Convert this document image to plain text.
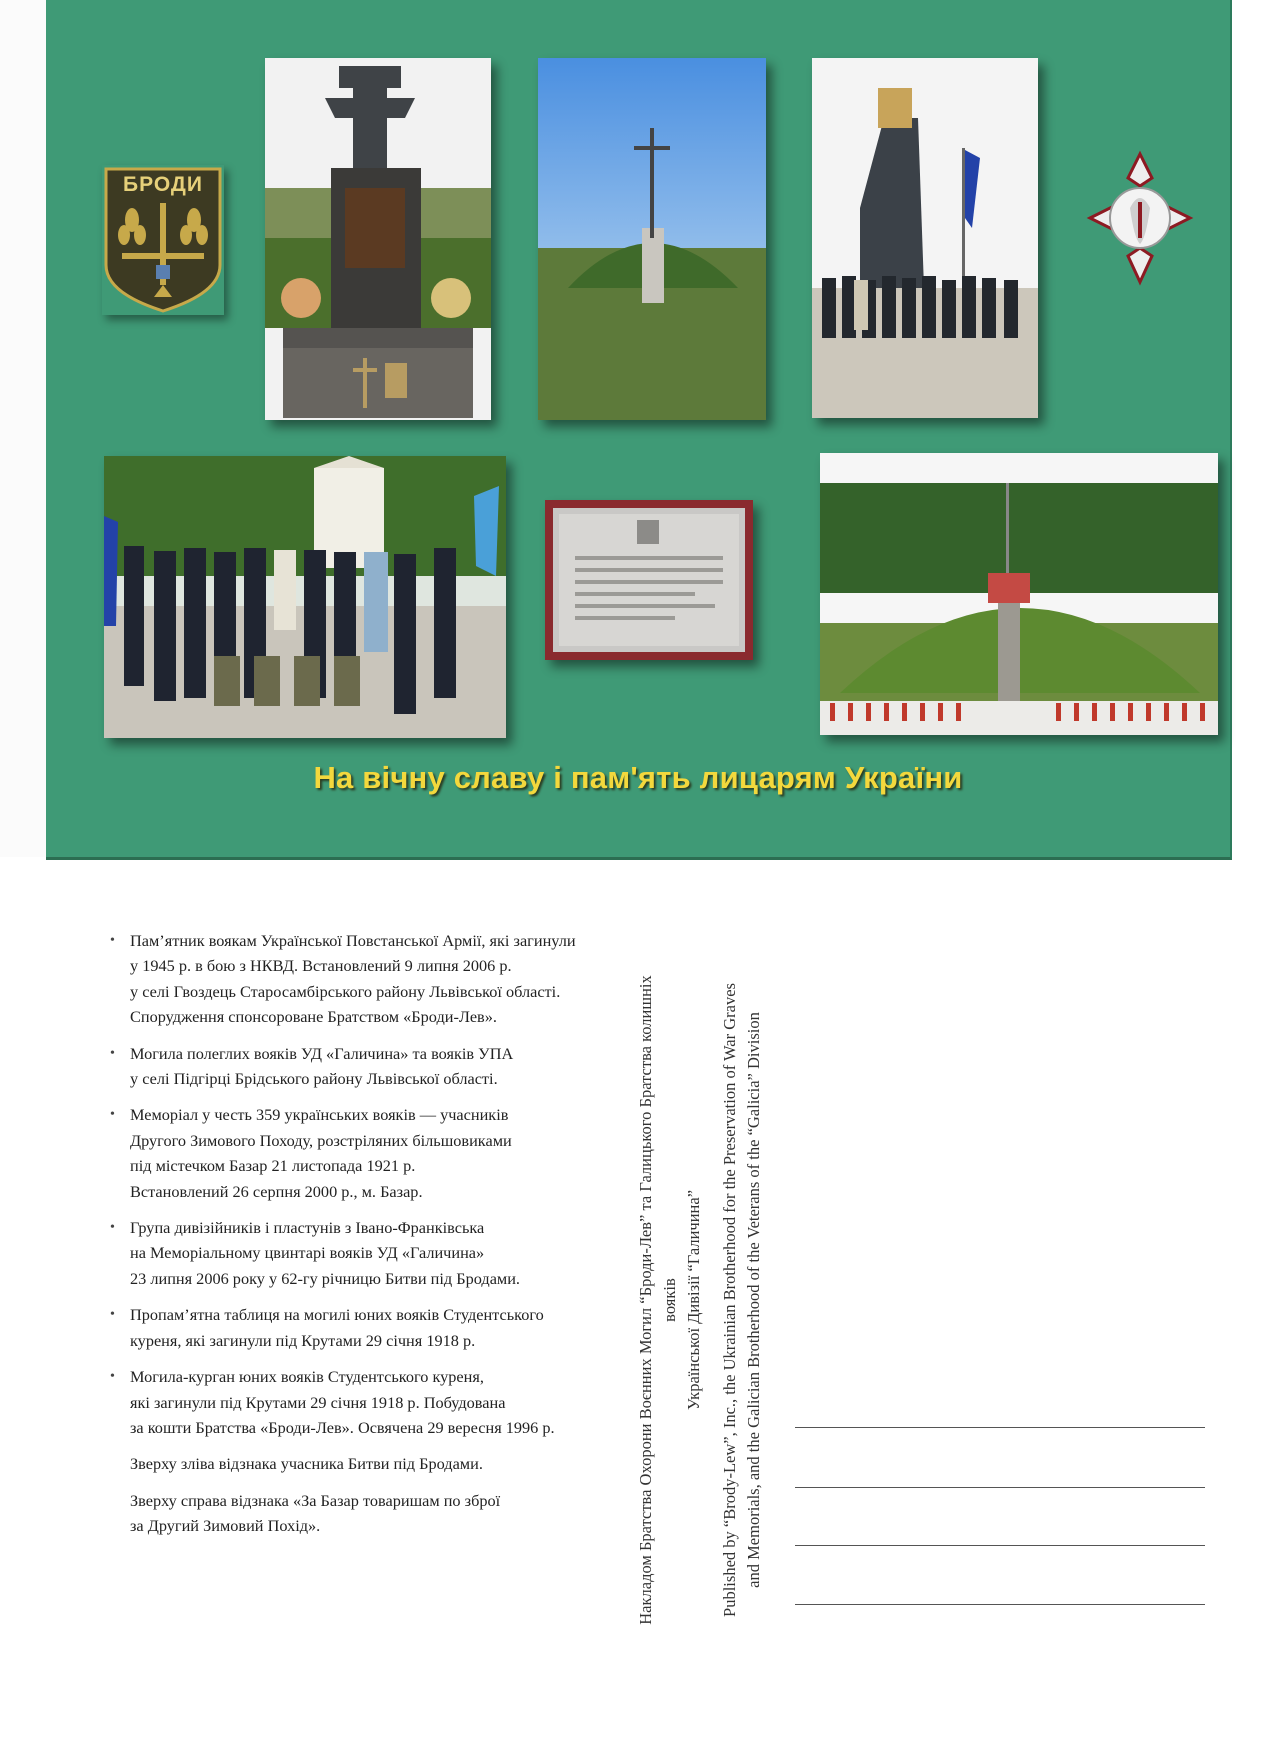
БРОДИ
На вічну славу і пам'ять лицарям України
• Пам’ятник воякам Української Повстанської Армії, які загинули
у 1945 р. в бою з НКВД. Встановлений 9 липня 2006 р.
у селі Гвоздець Старосамбірського району Львівської області.
Спорудження спонсороване Братством «Броди-Лев».
• Могила полеглих вояків УД «Галичина» та вояків УПА
у селі Підгірці Брідського району Львівської області.
• Меморіал у честь 359 українських вояків — учасників
Другого Зимового Походу, розстріляних більшовиками
під містечком Базар 21 листопада 1921 р.
Встановлений 26 серпня 2000 р., м. Базар.
• Група дивізійників і пластунів з Івано-Франківська
на Меморіальному цвинтарі вояків УД «Галичина»
23 липня 2006 року у 62-гу річницю Битви під Бродами.
• Пропам’ятна таблиця на могилі юних вояків Студентського
куреня, які загинули під Крутами 29 січня 1918 р.
• Могила-курган юних вояків Студентського куреня,
які загинули під Крутами 29 січня 1918 р. Побудована
за кошти Братства «Броди-Лев». Освячена 29 вересня 1996 р.

Зверху зліва відзнака учасника Битви під Бродами.

Зверху справа відзнака «За Базар товаришам по зброї
за Другий Зимовий Похід».	Накладом Братства Охорони Воєнних Могил “Броди-Лев” та Галицького Братства колишніх вояків Української Дивізії “Галичина” Published by “Brody-Lew”, Inc., the Ukrainian Brotherhood for the Preservation of War Graves and Memorials, and the Galician Brotherhood of the Veterans of the “Galicia” Division
